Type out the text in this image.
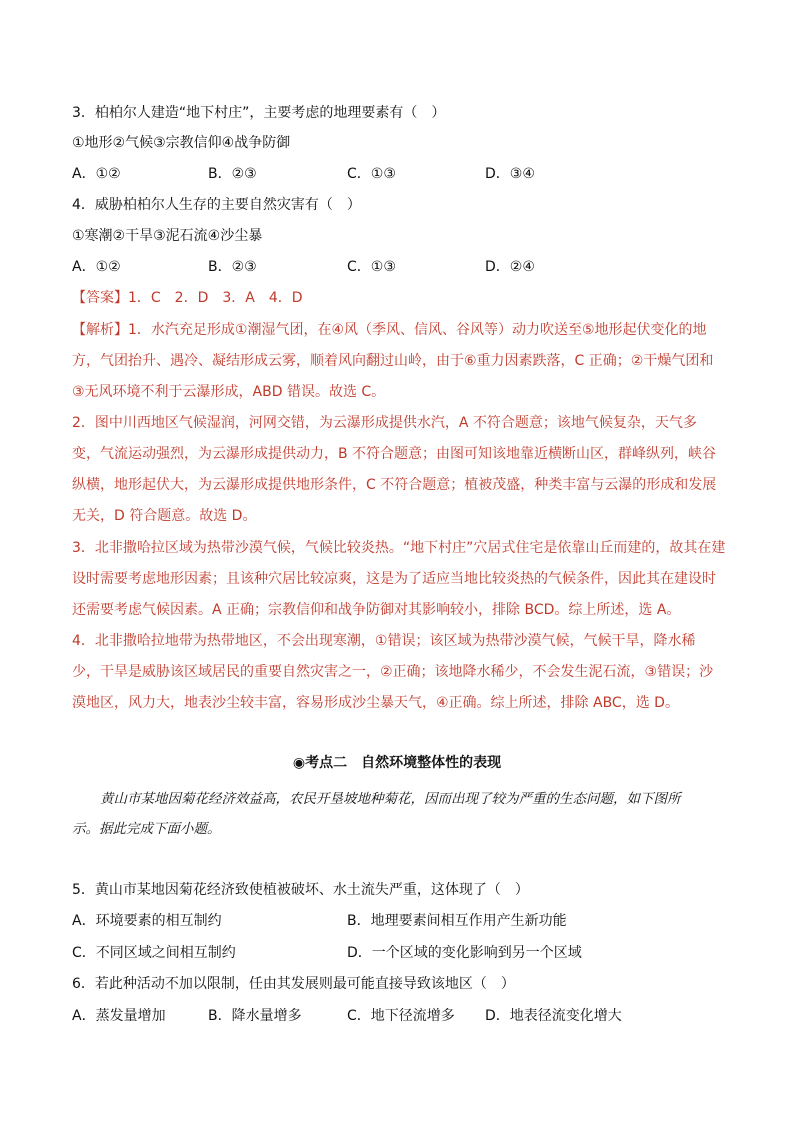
3．柏柏尔人建造“地下村庄”，主要考虑的地理要素有（　）
①地形②气候③宗教信仰④战争防御
A．①②	B．②③	C．①③	D．③④
4．威胁柏柏尔人生存的主要自然灾害有（　）
①寒潮②干旱③泥石流④沙尘暴
A．①②	B．②③	C．①③	D．②④
【答案】1．C　2．D　3．A　4．D
【解析】1．水汽充足形成①潮湿气团，在④风（季风、信风、谷风等）动力吹送至⑤地形起伏变化的地
方，气团抬升、遇冷、凝结形成云雾，顺着风向翻过山岭，由于⑥重力因素跌落，C 正确；②干燥气团和
③无风环境不利于云瀑形成，ABD 错误。故选 C。
2．图中川西地区气候湿润，河网交错，为云瀑形成提供水汽，A 不符合题意；该地气候复杂，天气多
变，气流运动强烈，为云瀑形成提供动力，B 不符合题意；由图可知该地靠近横断山区，群峰纵列，峡谷
纵横，地形起伏大，为云瀑形成提供地形条件，C 不符合题意；植被茂盛，种类丰富与云瀑的形成和发展
无关，D 符合题意。故选 D。
3．北非撒哈拉区域为热带沙漠气候，气候比较炎热。“地下村庄”穴居式住宅是依靠山丘而建的，故其在建
设时需要考虑地形因素；且该种穴居比较凉爽，这是为了适应当地比较炎热的气候条件，因此其在建设时
还需要考虑气候因素。A 正确；宗教信仰和战争防御对其影响较小，排除 BCD。综上所述，选 A。
4．北非撒哈拉地带为热带地区，不会出现寒潮，①错误；该区域为热带沙漠气候，气候干旱，降水稀
少，干旱是威胁该区域居民的重要自然灾害之一，②正确；该地降水稀少，不会发生泥石流，③错误；沙
漠地区，风力大，地表沙尘较丰富，容易形成沙尘暴天气，④正确。综上所述，排除 ABC，选 D。
◉考点二　自然环境整体性的表现
黄山市某地因菊花经济效益高，农民开垦坡地种菊花，因而出现了较为严重的生态问题，如下图所
示。据此完成下面小题。
5．黄山市某地因菊花经济致使植被破坏、水土流失严重，这体现了（　）
A．环境要素的相互制约	B．地理要素间相互作用产生新功能
C．不同区域之间相互制约	D．一个区域的变化影响到另一个区域
6．若此种活动不加以限制，任由其发展则最可能直接导致该地区（　）
A．蒸发量增加	B．降水量增多	C．地下径流增多 D．地表径流变化增大
